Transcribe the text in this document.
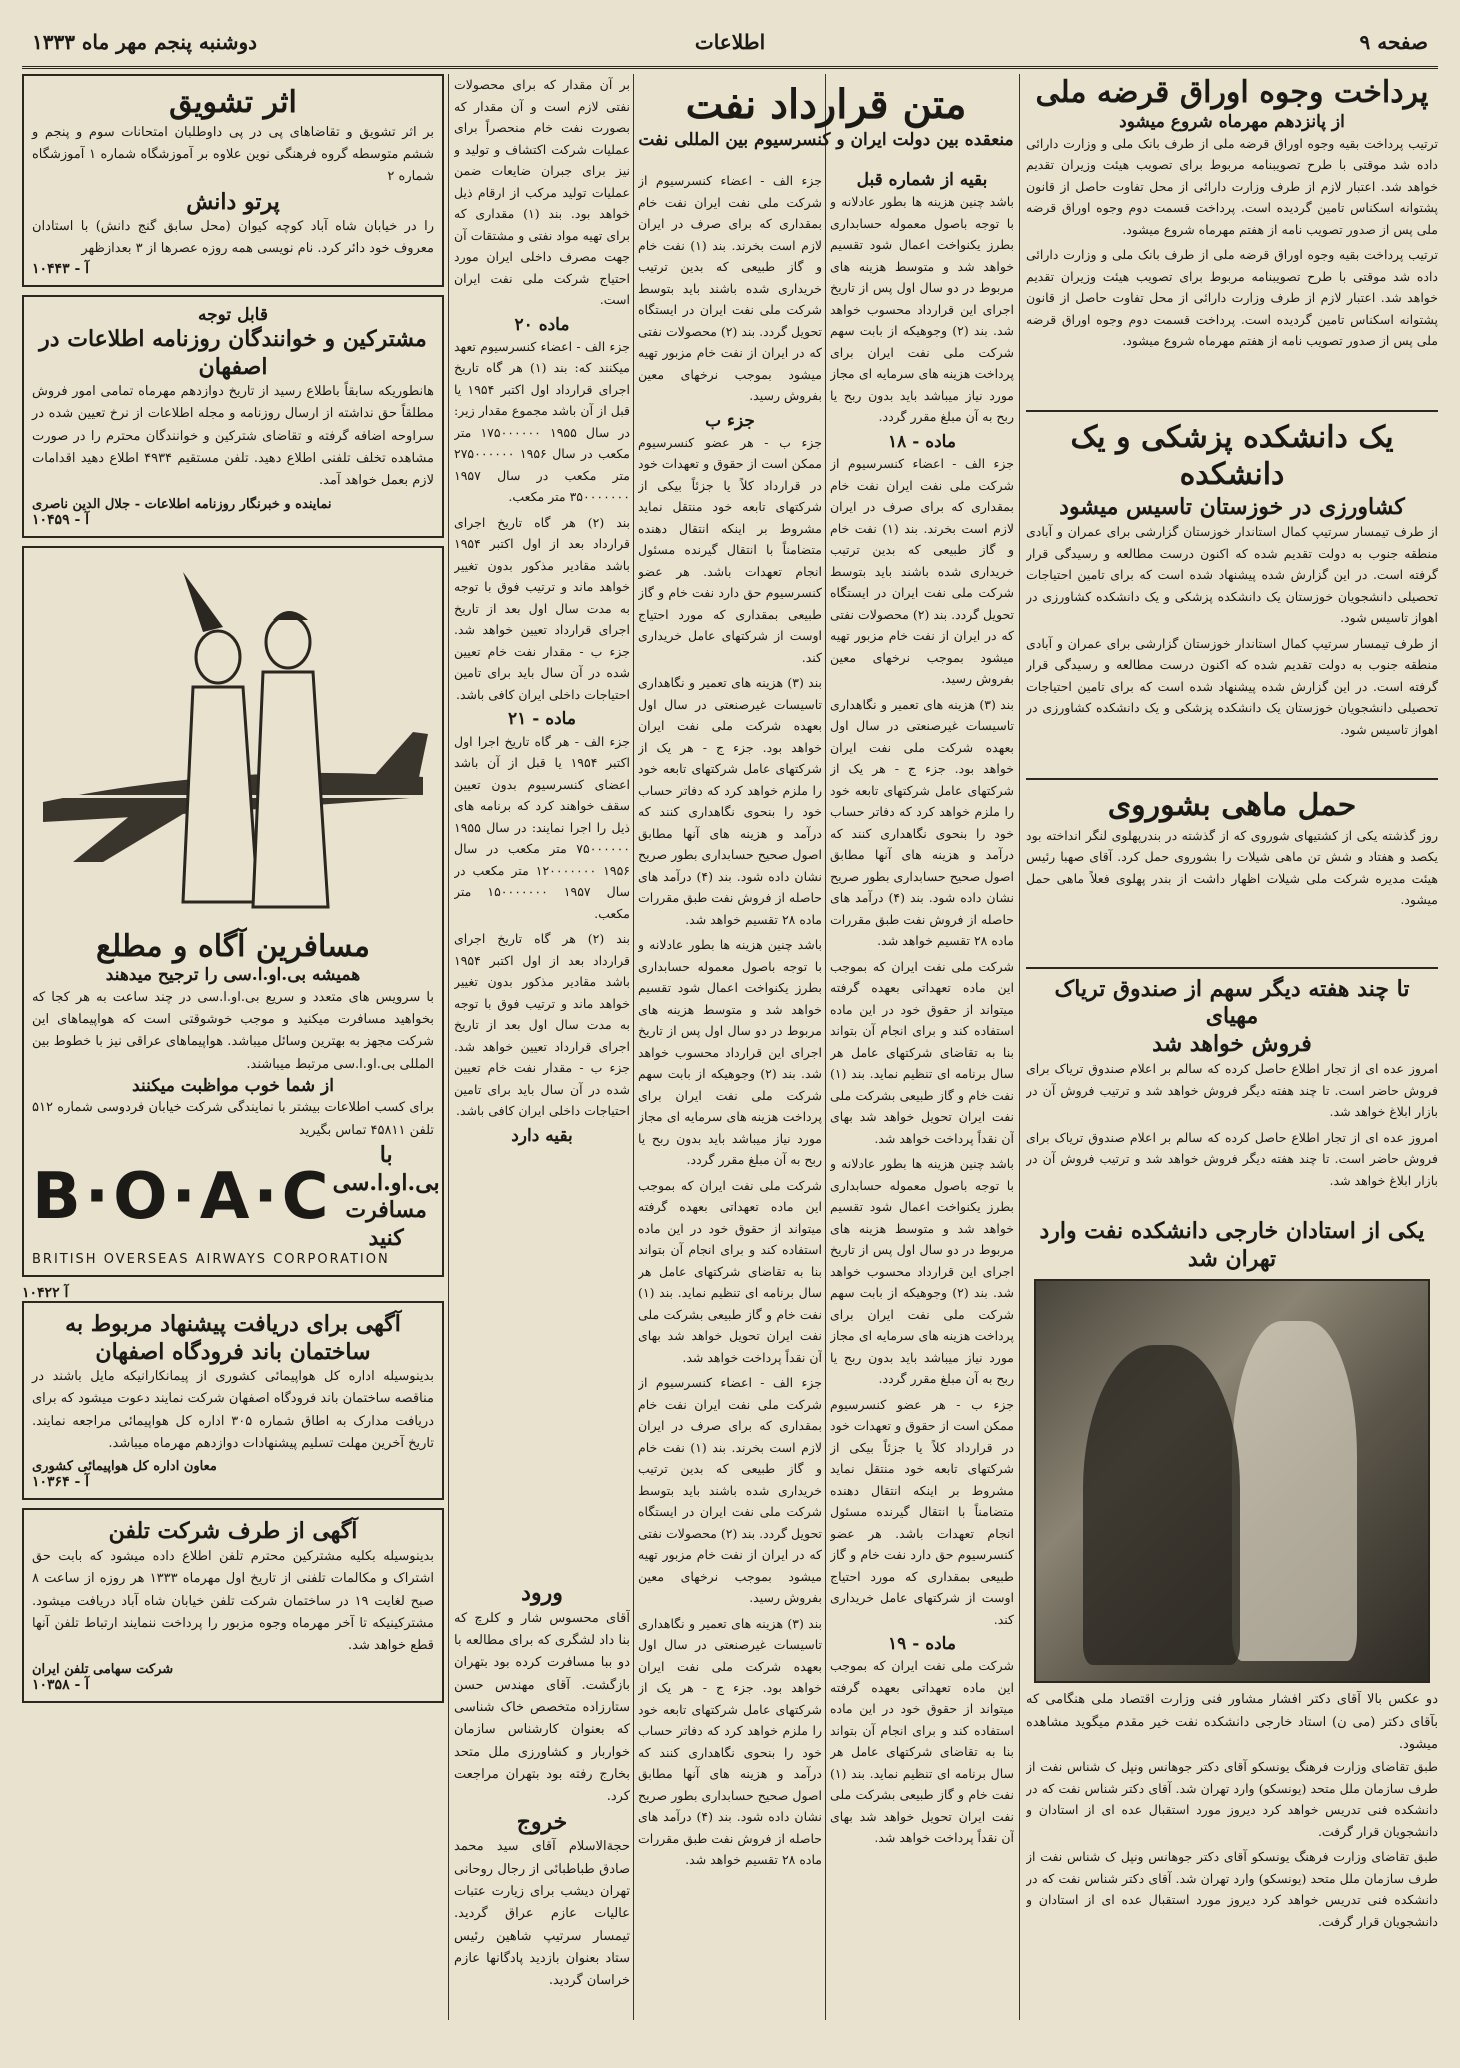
صفحه ۹
اطلاعات
دوشنبه پنجم مهر ماه ۱۳۳۳
پرداخت وجوه اوراق قرضه ملی
از پانزدهم مهرماه شروع میشود

ترتیب پرداخت بقیه وجوه اوراق قرضه ملی از طرف بانک ملی و وزارت دارائی داده شد موقتی با طرح تصویبنامه مربوط برای تصویب هیئت وزیران تقدیم خواهد شد. اعتبار لازم از طرف وزارت دارائی از محل تفاوت حاصل از قانون پشتوانه اسکناس تامین گردیده است. پرداخت قسمت دوم وجوه اوراق قرضه ملی پس از صدور تصویب نامه از هفتم مهرماه شروع میشود.

ترتیب پرداخت بقیه وجوه اوراق قرضه ملی از طرف بانک ملی و وزارت دارائی داده شد موقتی با طرح تصویبنامه مربوط برای تصویب هیئت وزیران تقدیم خواهد شد. اعتبار لازم از طرف وزارت دارائی از محل تفاوت حاصل از قانون پشتوانه اسکناس تامین گردیده است. پرداخت قسمت دوم وجوه اوراق قرضه ملی پس از صدور تصویب نامه از هفتم مهرماه شروع میشود.

یک دانشکده پزشکی و یک دانشکده
کشاورزی در خوزستان تاسیس میشود

از طرف تیمسار سرتیپ کمال استاندار خوزستان گزارشی برای عمران و آبادی منطقه جنوب به دولت تقدیم شده که اکنون درست مطالعه و رسیدگی قرار گرفته است. در این گزارش شده پیشنهاد شده است که برای تامین احتیاجات تحصیلی دانشجویان خوزستان یک دانشکده پزشکی و یک دانشکده کشاورزی در اهواز تاسیس شود.

از طرف تیمسار سرتیپ کمال استاندار خوزستان گزارشی برای عمران و آبادی منطقه جنوب به دولت تقدیم شده که اکنون درست مطالعه و رسیدگی قرار گرفته است. در این گزارش شده پیشنهاد شده است که برای تامین احتیاجات تحصیلی دانشجویان خوزستان یک دانشکده پزشکی و یک دانشکده کشاورزی در اهواز تاسیس شود.

حمل ماهی بشوروی

روز گذشته یکی از کشتیهای شوروی که از گذشته در بندرپهلوی لنگر انداخته بود یکصد و هفتاد و شش تن ماهی شیلات را بشوروی حمل کرد. آقای صهبا رئیس هیئت مدیره شرکت ملی شیلات اظهار داشت از بندر پهلوی فعلاً ماهی حمل میشود.

تا چند هفته دیگر سهم از صندوق تریاک مهیای
فروش خواهد شد

امروز عده ای از تجار اطلاع حاصل کرده که سالم بر اعلام صندوق تریاک برای فروش حاضر است. تا چند هفته دیگر فروش خواهد شد و ترتیب فروش آن در بازار ابلاغ خواهد شد.

امروز عده ای از تجار اطلاع حاصل کرده که سالم بر اعلام صندوق تریاک برای فروش حاضر است. تا چند هفته دیگر فروش خواهد شد و ترتیب فروش آن در بازار ابلاغ خواهد شد.

یکی از استادان خارجی دانشکده نفت وارد تهران شد
دو عکس بالا آقای دکتر افشار مشاور فنی وزارت اقتصاد ملی هنگامی که بآقای دکتر (می ن) استاد خارجی دانشکده نفت خیر مقدم میگوید مشاهده میشود.

طبق تقاضای وزارت فرهنگ یونسکو آقای دکتر جوهانس ونپل ک شناس نفت از طرف سازمان ملل متحد (یونسکو) وارد تهران شد. آقای دکتر شناس نفت که در دانشکده فنی تدریس خواهد کرد دیروز مورد استقبال عده ای از استادان و دانشجویان قرار گرفت.

طبق تقاضای وزارت فرهنگ یونسکو آقای دکتر جوهانس ونپل ک شناس نفت از طرف سازمان ملل متحد (یونسکو) وارد تهران شد. آقای دکتر شناس نفت که در دانشکده فنی تدریس خواهد کرد دیروز مورد استقبال عده ای از استادان و دانشجویان قرار گرفت.

متن قرارداد نفت
منعقده بین دولت ایران و کنسرسیوم بین المللی نفت
بقیه از شماره قبل

باشد چنین هزینه ها بطور عادلانه و با توجه باصول معموله حسابداری بطرز یکنواخت اعمال شود تقسیم خواهد شد و متوسط هزینه های مربوط در دو سال اول پس از تاریخ اجرای این قرارداد محسوب خواهد شد. بند (۲) وجوهیکه از بابت سهم شرکت ملی نفت ایران برای پرداخت هزینه های سرمایه ای مجاز مورد نیاز میباشد باید بدون ربح یا ربح به آن مبلغ مقرر گردد.

ماده - ۱۸

جزء الف - اعضاء کنسرسیوم از شرکت ملی نفت ایران نفت خام بمقداری که برای صرف در ایران لازم است بخرند. بند (۱) نفت خام و گاز طبیعی که بدین ترتیب خریداری شده باشند باید بتوسط شرکت ملی نفت ایران در ایستگاه تحویل گردد. بند (۲) محصولات نفتی که در ایران از نفت خام مزبور تهیه میشود بموجب نرخهای معین بفروش رسید.

بند (۳) هزینه های تعمیر و نگاهداری تاسیسات غیرصنعتی در سال اول بعهده شرکت ملی نفت ایران خواهد بود. جزء ج - هر یک از شرکتهای عامل شرکتهای تابعه خود را ملزم خواهد کرد که دفاتر حساب خود را بنحوی نگاهداری کنند که درآمد و هزینه های آنها مطابق اصول صحیح حسابداری بطور صریح نشان داده شود. بند (۴) درآمد های حاصله از فروش نفت طبق مقررات ماده ۲۸ تقسیم خواهد شد.

شرکت ملی نفت ایران که بموجب این ماده تعهداتی بعهده گرفته میتواند از حقوق خود در این ماده استفاده کند و برای انجام آن بتواند بنا به تقاضای شرکتهای عامل هر سال برنامه ای تنظیم نماید. بند (۱) نفت خام و گاز طبیعی بشرکت ملی نفت ایران تحویل خواهد شد بهای آن نقداً پرداخت خواهد شد.

باشد چنین هزینه ها بطور عادلانه و با توجه باصول معموله حسابداری بطرز یکنواخت اعمال شود تقسیم خواهد شد و متوسط هزینه های مربوط در دو سال اول پس از تاریخ اجرای این قرارداد محسوب خواهد شد. بند (۲) وجوهیکه از بابت سهم شرکت ملی نفت ایران برای پرداخت هزینه های سرمایه ای مجاز مورد نیاز میباشد باید بدون ربح یا ربح به آن مبلغ مقرر گردد.

جزء ب - هر عضو کنسرسیوم ممکن است از حقوق و تعهدات خود در قرارداد کلاً یا جزئاً بیکی از شرکتهای تابعه خود منتقل نماید مشروط بر اینکه انتقال دهنده متضامناً با انتقال گیرنده مسئول انجام تعهدات باشد. هر عضو کنسرسیوم حق دارد نفت خام و گاز طبیعی بمقداری که مورد احتیاج اوست از شرکتهای عامل خریداری کند.

ماده - ۱۹

شرکت ملی نفت ایران که بموجب این ماده تعهداتی بعهده گرفته میتواند از حقوق خود در این ماده استفاده کند و برای انجام آن بتواند بنا به تقاضای شرکتهای عامل هر سال برنامه ای تنظیم نماید. بند (۱) نفت خام و گاز طبیعی بشرکت ملی نفت ایران تحویل خواهد شد بهای آن نقداً پرداخت خواهد شد.

جزء الف - اعضاء کنسرسیوم از شرکت ملی نفت ایران نفت خام بمقداری که برای صرف در ایران لازم است بخرند. بند (۱) نفت خام و گاز طبیعی که بدین ترتیب خریداری شده باشند باید بتوسط شرکت ملی نفت ایران در ایستگاه تحویل گردد. بند (۲) محصولات نفتی که در ایران از نفت خام مزبور تهیه میشود بموجب نرخهای معین بفروش رسید.

جزء ب

جزء ب - هر عضو کنسرسیوم ممکن است از حقوق و تعهدات خود در قرارداد کلاً یا جزئاً بیکی از شرکتهای تابعه خود منتقل نماید مشروط بر اینکه انتقال دهنده متضامناً با انتقال گیرنده مسئول انجام تعهدات باشد. هر عضو کنسرسیوم حق دارد نفت خام و گاز طبیعی بمقداری که مورد احتیاج اوست از شرکتهای عامل خریداری کند.

بند (۳) هزینه های تعمیر و نگاهداری تاسیسات غیرصنعتی در سال اول بعهده شرکت ملی نفت ایران خواهد بود. جزء ج - هر یک از شرکتهای عامل شرکتهای تابعه خود را ملزم خواهد کرد که دفاتر حساب خود را بنحوی نگاهداری کنند که درآمد و هزینه های آنها مطابق اصول صحیح حسابداری بطور صریح نشان داده شود. بند (۴) درآمد های حاصله از فروش نفت طبق مقررات ماده ۲۸ تقسیم خواهد شد.

باشد چنین هزینه ها بطور عادلانه و با توجه باصول معموله حسابداری بطرز یکنواخت اعمال شود تقسیم خواهد شد و متوسط هزینه های مربوط در دو سال اول پس از تاریخ اجرای این قرارداد محسوب خواهد شد. بند (۲) وجوهیکه از بابت سهم شرکت ملی نفت ایران برای پرداخت هزینه های سرمایه ای مجاز مورد نیاز میباشد باید بدون ربح یا ربح به آن مبلغ مقرر گردد.

شرکت ملی نفت ایران که بموجب این ماده تعهداتی بعهده گرفته میتواند از حقوق خود در این ماده استفاده کند و برای انجام آن بتواند بنا به تقاضای شرکتهای عامل هر سال برنامه ای تنظیم نماید. بند (۱) نفت خام و گاز طبیعی بشرکت ملی نفت ایران تحویل خواهد شد بهای آن نقداً پرداخت خواهد شد.

جزء الف - اعضاء کنسرسیوم از شرکت ملی نفت ایران نفت خام بمقداری که برای صرف در ایران لازم است بخرند. بند (۱) نفت خام و گاز طبیعی که بدین ترتیب خریداری شده باشند باید بتوسط شرکت ملی نفت ایران در ایستگاه تحویل گردد. بند (۲) محصولات نفتی که در ایران از نفت خام مزبور تهیه میشود بموجب نرخهای معین بفروش رسید.

بند (۳) هزینه های تعمیر و نگاهداری تاسیسات غیرصنعتی در سال اول بعهده شرکت ملی نفت ایران خواهد بود. جزء ج - هر یک از شرکتهای عامل شرکتهای تابعه خود را ملزم خواهد کرد که دفاتر حساب خود را بنحوی نگاهداری کنند که درآمد و هزینه های آنها مطابق اصول صحیح حسابداری بطور صریح نشان داده شود. بند (۴) درآمد های حاصله از فروش نفت طبق مقررات ماده ۲۸ تقسیم خواهد شد.

بر آن مقدار که برای محصولات نفتی لازم است و آن مقدار که بصورت نفت خام منحصراً برای عملیات شرکت اکتشاف و تولید و نیز برای جبران ضایعات ضمن عملیات تولید مرکب از ارقام ذیل خواهد بود. بند (۱) مقداری که برای تهیه مواد نفتی و مشتقات آن جهت مصرف داخلی ایران مورد احتیاج شرکت ملی نفت ایران است.

ماده ۲۰

جزء الف - اعضاء کنسرسیوم تعهد میکنند که: بند (۱) هر گاه تاریخ اجرای قرارداد اول اکتبر ۱۹۵۴ یا قبل از آن باشد مجموع مقدار زیر: در سال ۱۹۵۵ ۱۷۵۰۰۰۰۰۰ متر مکعب در سال ۱۹۵۶ ۲۷۵۰۰۰۰۰۰ متر مکعب در سال ۱۹۵۷ ۳۵۰۰۰۰۰۰۰ متر مکعب.

بند (۲) هر گاه تاریخ اجرای قرارداد بعد از اول اکتبر ۱۹۵۴ باشد مقادیر مذکور بدون تغییر خواهد ماند و ترتیب فوق با توجه به مدت سال اول بعد از تاریخ اجرای قرارداد تعیین خواهد شد. جزء ب - مقدار نفت خام تعیین شده در آن سال باید برای تامین احتیاجات داخلی ایران کافی باشد.

ماده - ۲۱

جزء الف - هر گاه تاریخ اجرا اول اکتبر ۱۹۵۴ یا قبل از آن باشد اعضای کنسرسیوم بدون تعیین سقف خواهند کرد که برنامه های ذیل را اجرا نمایند: در سال ۱۹۵۵ ۷۵۰۰۰۰۰۰ متر مکعب در سال ۱۹۵۶ ۱۲۰۰۰۰۰۰۰ متر مکعب در سال ۱۹۵۷ ۱۵۰۰۰۰۰۰۰ متر مکعب.

بند (۲) هر گاه تاریخ اجرای قرارداد بعد از اول اکتبر ۱۹۵۴ باشد مقادیر مذکور بدون تغییر خواهد ماند و ترتیب فوق با توجه به مدت سال اول بعد از تاریخ اجرای قرارداد تعیین خواهد شد. جزء ب - مقدار نفت خام تعیین شده در آن سال باید برای تامین احتیاجات داخلی ایران کافی باشد.

بقیه دارد
ورود
آقای محسوس شار و کلرچ که بنا داد لشگری که برای مطالعه با دو ببا مسافرت کرده بود بتهران بازگشت. آقای مهندس حسن ستارزاده متخصص خاک شناسی که بعنوان کارشناس سازمان خواربار و کشاورزی ملل متحد بخارج رفته بود بتهران مراجعت کرد.
خروج
حجةالاسلام آقای سید محمد صادق طباطبائی از رجال روحانی تهران دیشب برای زیارت عتبات عالیات عازم عراق گردید. تیمسار سرتیپ شاهین رئیس ستاد بعنوان بازدید پادگانها عازم خراسان گردید.
اثر تشویق
بر اثر تشویق و تقاضاهای پی در پی داوطلبان امتحانات سوم و پنجم و ششم متوسطه گروه فرهنگی نوین علاوه بر آموزشگاه شماره ۱ آموزشگاه شماره ۲
پرتو دانش
را در خیابان شاه آباد کوچه کیوان (محل سابق گنج دانش) با استادان معروف خود دائر کرد. نام نویسی همه روزه عصرها از ۳ بعدازظهر
آ - ۱۰۴۴۳
قابل توجه
مشترکین و خوانندگان روزنامه اطلاعات در اصفهان
هانطوریکه سابقاً باطلاع رسید از تاریخ دوازدهم مهرماه تمامی امور فروش مطلقاً حق نداشته از ارسال روزنامه و مجله اطلاعات از نرخ تعیین شده در سراوحه اضافه گرفته و تقاضای شترکین و خوانندگان محترم را در صورت مشاهده تخلف تلفنی اطلاع دهید. تلفن مستقیم ۴۹۳۴ اطلاع دهید اقدامات لازم بعمل خواهد آمد.
نماینده و خبرنگار روزنامه اطلاعات - جلال الدین ناصری
آ - ۱۰۴۵۹
مسافرین آگاه و مطلع
همیشه بی.او.ا.سی را ترجیح میدهند
با سرویس های متعدد و سریع بی.او.ا.سی در چند ساعت به هر کجا که بخواهید مسافرت میکنید و موجب خوشوقتی است که هواپیماهای این شرکت مجهز به بهترین وسائل میباشد. هواپیماهای عراقی نیز با خطوط بین المللی بی.او.ا.سی مرتبط میباشند.
از شما خوب مواظبت میکنند
برای کسب اطلاعات بیشتر با نمایندگی شرکت خیابان فردوسی شماره ۵۱۲ تلفن ۴۵۸۱۱ تماس بگیرید
B·O·A·C
با بی.او.ا.سی مسافرت کنید
BRITISH OVERSEAS AIRWAYS CORPORATION
آ ۱۰۴۲۲
آگهی برای دریافت پیشنهاد مربوط به
ساختمان باند فرودگاه اصفهان
بدینوسیله اداره کل هواپیمائی کشوری از پیمانکارانیکه مایل باشند در مناقصه ساختمان باند فرودگاه اصفهان شرکت نمایند دعوت میشود که برای دریافت مدارک به اطاق شماره ۳۰۵ اداره کل هواپیمائی مراجعه نمایند. تاریخ آخرین مهلت تسلیم پیشنهادات دوازدهم مهرماه میباشد.
معاون اداره کل هواپیمائی کشوری
آ - ۱۰۳۶۴
آگهی از طرف شرکت تلفن
بدینوسیله بکلیه مشترکین محترم تلفن اطلاع داده میشود که بابت حق اشتراک و مکالمات تلفنی از تاریخ اول مهرماه ۱۳۳۳ هر روزه از ساعت ۸ صبح لغایت ۱۹ در ساختمان شرکت تلفن خیابان شاه آباد دریافت میشود. مشترکینیکه تا آخر مهرماه وجوه مزبور را پرداخت ننمایند ارتباط تلفن آنها قطع خواهد شد.
شرکت سهامی تلفن ایران
آ - ۱۰۳۵۸
